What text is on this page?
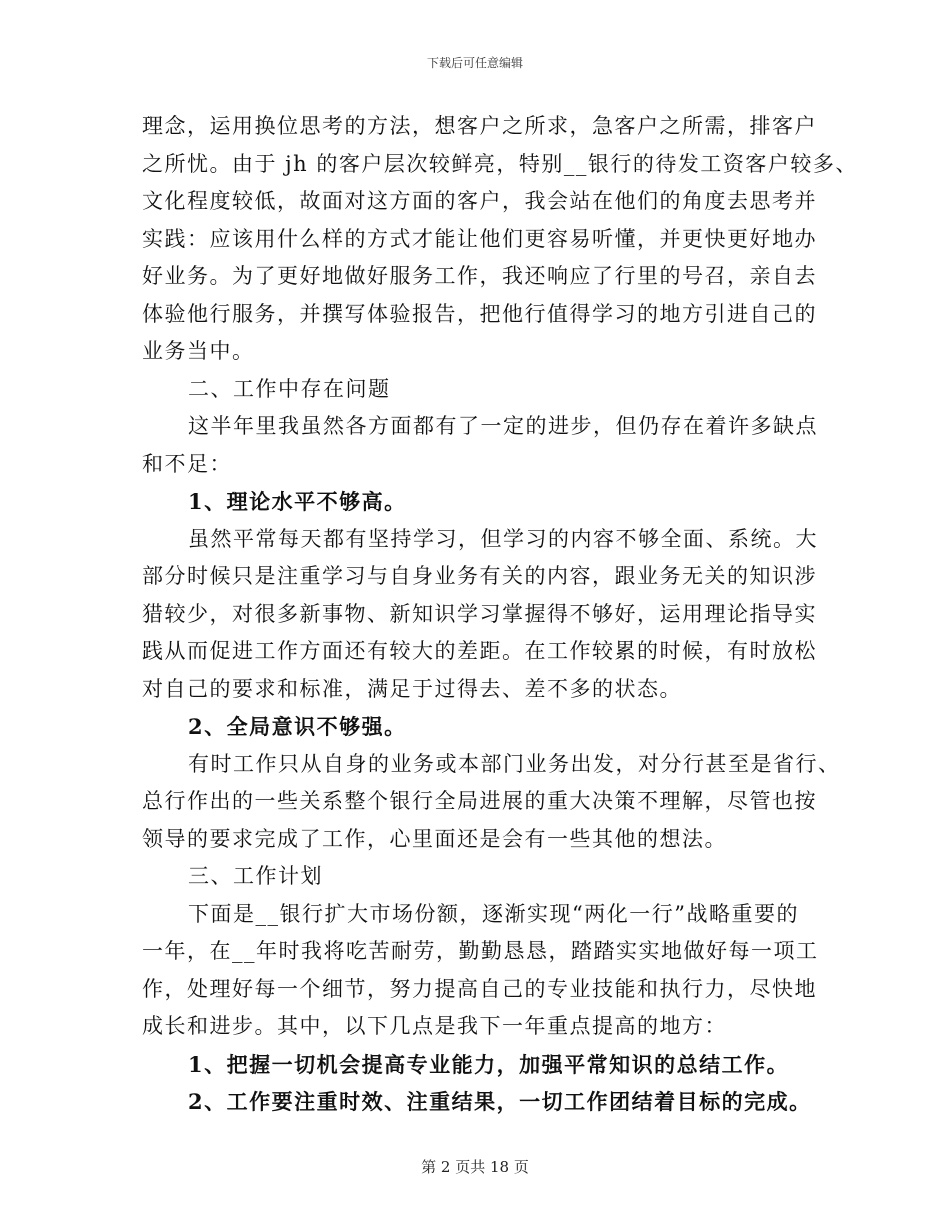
下载后可任意编辑
理念，运用换位思考的方法，想客户之所求，急客户之所需，排客户
之所忧。由于 jh 的客户层次较鲜亮，特别__银行的待发工资客户较多、
文化程度较低，故面对这方面的客户，我会站在他们的角度去思考并
实践：应该用什么样的方式才能让他们更容易听懂，并更快更好地办
好业务。为了更好地做好服务工作，我还响应了行里的号召，亲自去
体验他行服务，并撰写体验报告，把他行值得学习的地方引进自己的
业务当中。
二、工作中存在问题
这半年里我虽然各方面都有了一定的进步，但仍存在着许多缺点
和不足：
1、理论水平不够高。
虽然平常每天都有坚持学习，但学习的内容不够全面、系统。大
部分时候只是注重学习与自身业务有关的内容，跟业务无关的知识涉
猎较少，对很多新事物、新知识学习掌握得不够好，运用理论指导实
践从而促进工作方面还有较大的差距。在工作较累的时候，有时放松
对自己的要求和标准，满足于过得去、差不多的状态。
2、全局意识不够强。
有时工作只从自身的业务或本部门业务出发，对分行甚至是省行、
总行作出的一些关系整个银行全局进展的重大决策不理解，尽管也按
领导的要求完成了工作，心里面还是会有一些其他的想法。
三、工作计划
下面是__银行扩大市场份额，逐渐实现“两化一行”战略重要的
一年，在__年时我将吃苦耐劳，勤勤恳恳，踏踏实实地做好每一项工
作，处理好每一个细节，努力提高自己的专业技能和执行力，尽快地
成长和进步。其中，以下几点是我下一年重点提高的地方：
1、把握一切机会提高专业能力，加强平常知识的总结工作。
2、工作要注重时效、注重结果，一切工作团结着目标的完成。
第 2 页共 18 页
